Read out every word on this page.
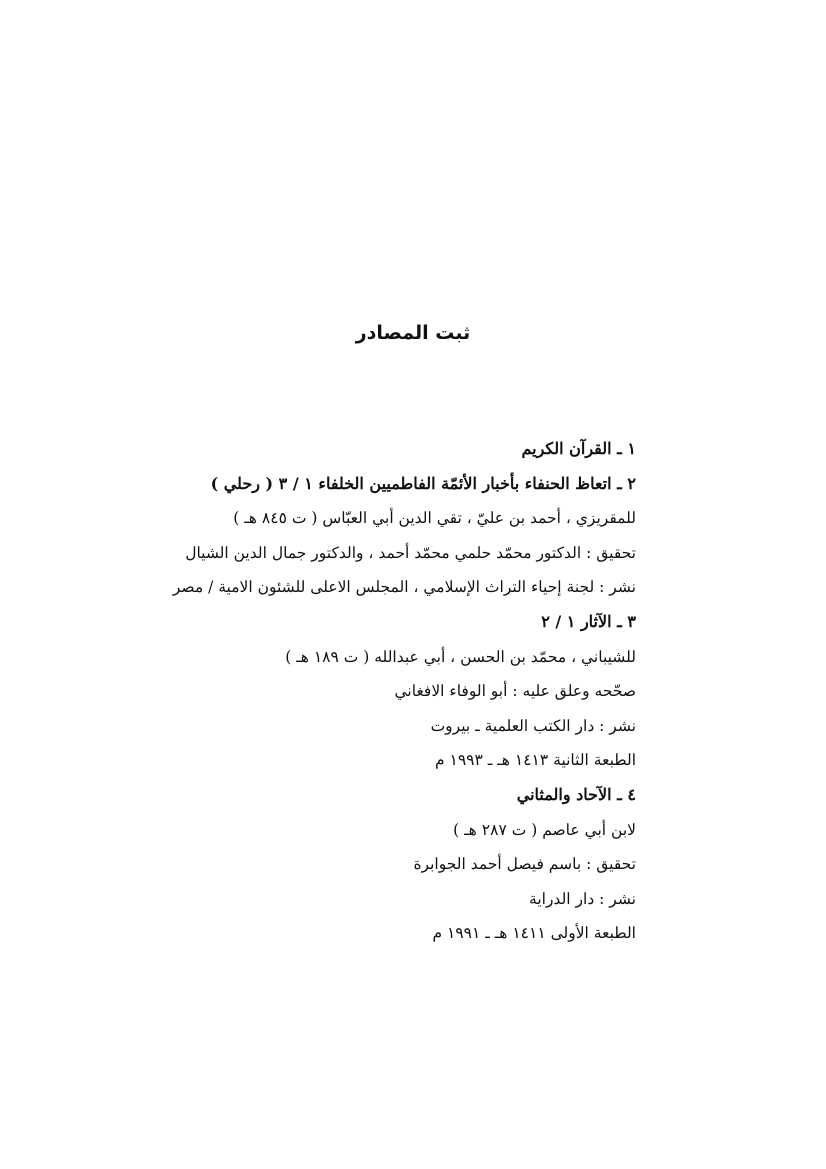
ثبت المصادر
١ ـ القرآن الكريم
٢ ـ اتعاظ الحنفاء بأخبار الأئمّة الفاطميين الخلفاء ١ / ٣ ( رحلي )
للمقريزي ، أحمد بن عليّ ، تقي الدين أبي العبّاس ( ت ٨٤٥ هـ )
تحقيق : الدكتور محمّد حلمي محمّد أحمد ، والدكتور جمال الدين الشيال
نشر : لجنة إحياء التراث الإسلامي ، المجلس الاعلى للشئون الامية / مصر
٣ ـ الآثار ١ / ٢
للشيباني ، محمّد بن الحسن ، أبي عبدالله ( ت ١٨٩ هـ )
صحّحه وعلق عليه : أبو الوفاء الافغاني
نشر : دار الكتب العلمية ـ بيروت
الطبعة الثانية ١٤١٣ هـ ـ ١٩٩٣ م
٤ ـ الآحاد والمثاني
لابن أبي عاصم ( ت ٢٨٧ هـ )
تحقيق : باسم فيصل أحمد الجوابرة
نشر : دار الدراية
الطبعة الأولى ١٤١١ هـ ـ ١٩٩١ م
